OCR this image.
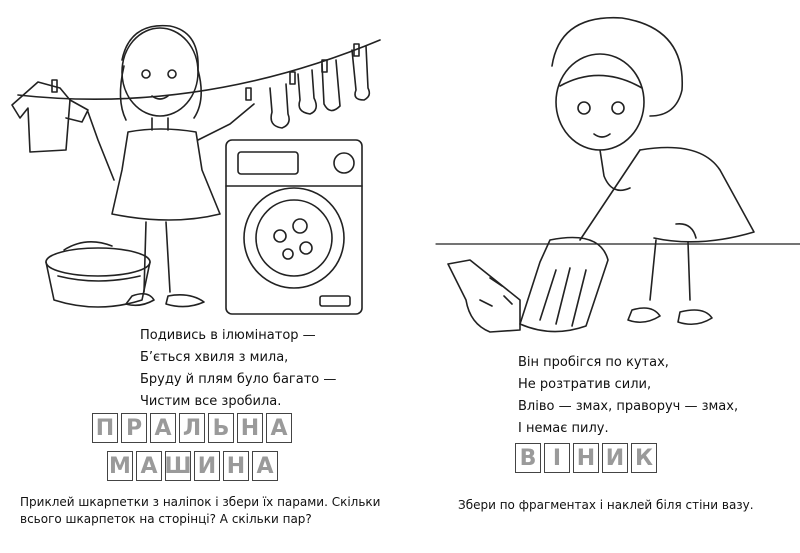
Подивись в ілюмінатор —
Б’ється хвиля з мила,
Бруду й плям було багато —
Чистим все зробила.
П Р А Л Ь Н А
М А Ш И Н А
Приклей шкарпетки з наліпок і збери їх парами. Скільки
всього шкарпеток на сторінці? А скільки пар?
Він пробігся по кутах,
Не розтратив сили,
Вліво — змах, праворуч — змах,
І немає пилу.
В І Н И К
Збери по фрагментах і наклей біля стіни вазу.
